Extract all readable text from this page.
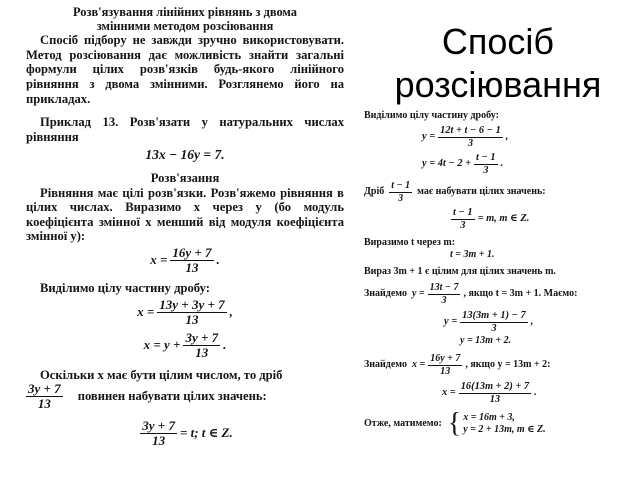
Розв'язування лінійних рівнянь з двома
змінними методом розсіювання

Спосіб підбору не завжди зручно використовувати. Метод розсіювання дає можливість знайти загальні формули цілих розв'язків будь-якого лінійного рівняння з двома змінними. Розглянемо його на прикладах.

Приклад 13. Розв'язати у натуральних числах рівняння

13x − 16y = 7.
Розв'язання

Рівняння має цілі розв'язки. Розв'яжемо рівняння в цілих числах. Виразимо x через y (бо модуль коефіцієнта змінної x менший від модуля коефіцієнта змінної y):

$x = \frac{16y + 7}{13}$ .

Виділимо цілу частину дробу:

$x = \frac{13y + 3y + 7}{13}$ ,
$x = y + \frac{3y + 7}{13}$ .

Оскільки x має бути цілим числом, то дріб

$\frac{3y + 7}{13}$ повинен набувати цілих значень:
$\frac{3y + 7}{13} = t$; t ∈ Z.
Спосіб
розсіювання
Виділимо цілу частину дробу:
$y = \frac{12t + t - 6 - 1}{3}$ ,
$y = 4t - 2 + \frac{t - 1}{3}$ .
Дріб $\frac{t - 1}{3}$ має набувати цілих значень:
$\frac{t - 1}{3} = m$, m ∈ Z.
Виразимо t через m:
t = 3m + 1.
Вираз 3m + 1 є цілим для цілих значень m.
Знайдемо $y = \frac{13t - 7}{3}$ , якщо t = 3m + 1. Маємо:
$y = \frac{13(3m + 1) - 7}{3}$ ,
y = 13m + 2.
Знайдемо $x = \frac{16y + 7}{13}$ , якщо y = 13m + 2:
$x = \frac{16(13m + 2) + 7}{13}$ .
Отже, матимемо: { x = 16m + 3,
y = 2 + 13m, m ∈ Z.
